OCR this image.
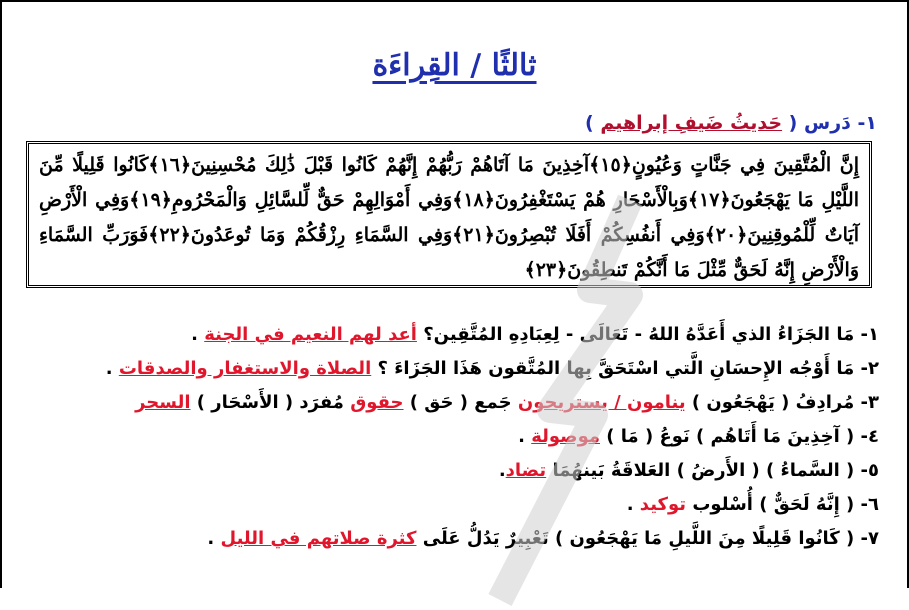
ثالثًا / القِراءَة
١- دَرس ( حَديثُ ضَيفِ إبراهيم )
إِنَّ الْمُتَّقِينَ فِي جَنَّاتٍ وَعُيُونٍ﴿١٥﴾آخِذِينَ مَا آتَاهُمْ رَبُّهُمْ إِنَّهُمْ كَانُوا قَبْلَ ذَٰلِكَ مُحْسِنِينَ﴿١٦﴾كَانُوا قَلِيلًا مِّنَ اللَّيْلِ مَا يَهْجَعُونَ﴿١٧﴾وَبِالْأَسْحَارِ هُمْ يَسْتَغْفِرُونَ﴿١٨﴾وَفِي أَمْوَالِهِمْ حَقٌّ لِّلسَّائِلِ وَالْمَحْرُومِ﴿١٩﴾وَفِي الْأَرْضِ آيَاتٌ لِّلْمُوقِنِينَ﴿٢٠﴾وَفِي أَنفُسِكُمْ أَفَلَا تُبْصِرُونَ﴿٢١﴾وَفِي السَّمَاءِ رِزْقُكُمْ وَمَا تُوعَدُونَ﴿٢٢﴾فَوَرَبِّ السَّمَاءِ وَالْأَرْضِ إِنَّهُ لَحَقٌّ مِّثْلَ مَا أَنَّكُمْ تَنطِقُونَ﴿٢٣﴾
١- مَا الجَزَاءُ الذي أَعَدَّهُ اللهُ - تَعَالَى - لِعِبَادِهِ المُتَّقِين؟ أعد لهم النعيم في الجنة .
٢- مَا أَوْجُه الإِحسَانِ الَّتي اسْتَحَقَّ بِها المُتَّقون هَذَا الجَزَاءَ ؟ الصلاة والاستغفار والصدقات .
٣- مُرادِفُ ( يَهْجَعُون ) ينامون / يستريحون جَمع ( حَق ) حقوق مُفرَد ( الأَسْحَار ) السحر
٤- ( آخِذِينَ مَا أَتَاهُم ) نَوعُ ( مَا ) موصولة .
٥- ( السَّماءُ ) ( الأَرضُ ) العَلاقَةُ بَينهُمَا تضاد.
٦- ( إِنَّهُ لَحَقٌّ ) أُسْلوب توكيد .
٧- ( كَانُوا قَلِيلًا مِنَ اللَّيلِ مَا يَهْجَعُون ) تَعْبِيرٌ يَدُلُّ عَلَى كثرة صلاتهم في الليل .
